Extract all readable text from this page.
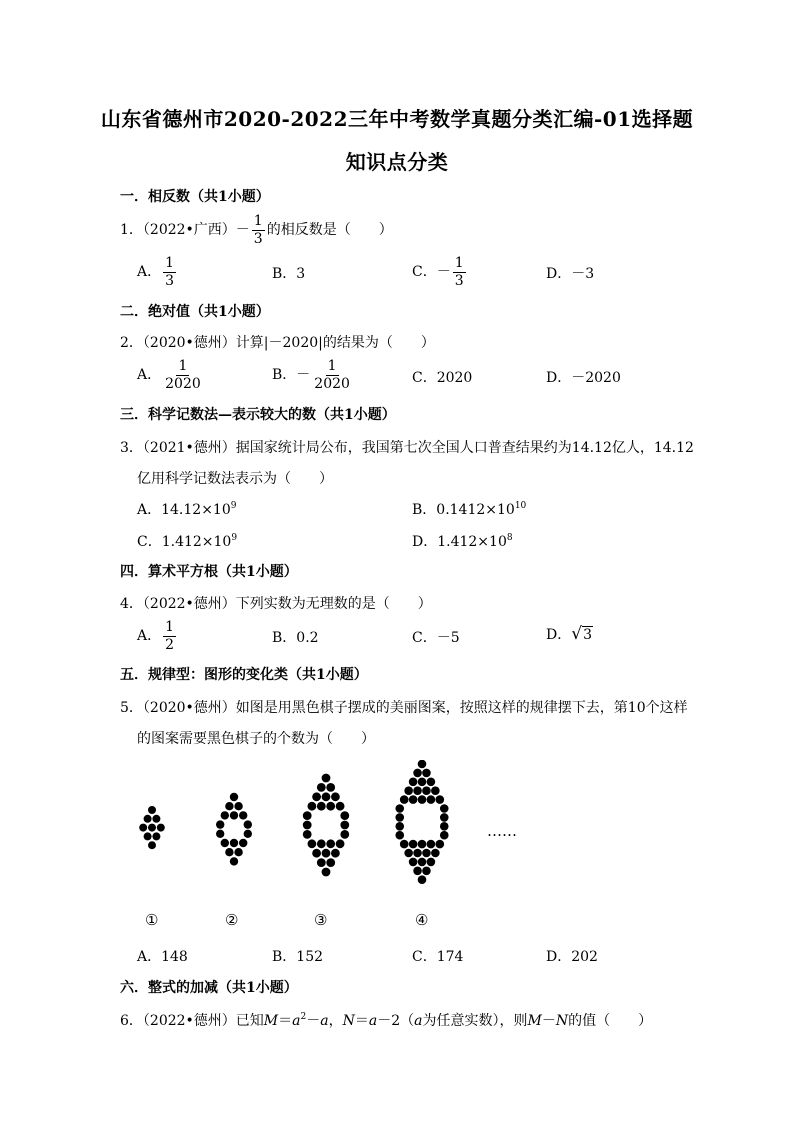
山东省德州市2020-2022三年中考数学真题分类汇编-01选择题
知识点分类
一．相反数（共1小题）
1．（2022•广西）－ $\frac{1}{3}$ 的相反数是（　　）
A． $\frac{1}{3}$	B．3	C．－ $\frac{1}{3}$	D．－3
二．绝对值（共1小题）
2．（2020•德州）计算|－2020|的结果为（　　）
A． $\frac{1}{2020}$	B．－ $\frac{1}{2020}$	C．2020	D．－2020
三．科学记数法—表示较大的数（共1小题）
3．（2021•德州）据国家统计局公布，我国第七次全国人口普查结果约为14.12亿人，14.12
亿用科学记数法表示为（　　）
A．$14.12\times 10^9$	B．$0.1412\times 10^{10}$
C．$1.412\times 10^9$	D．$1.412\times 10^8$
四．算术平方根（共1小题）
4．（2022•德州）下列实数为无理数的是（　　）
A． $\frac{1}{2}$	B．0.2	C．－5	D．√3
五．规律型：图形的变化类（共1小题）
5．（2020•德州）如图是用黑色棋子摆成的美丽图案，按照这样的规律摆下去，第10个这样
的图案需要黑色棋子的个数为（　　）
……
①	②	③	④
A．148	B．152	C．174	D．202
六．整式的加减（共1小题）
6．（2022•德州）已知$M=a^2-a$，N＝a－2（a为任意实数），则M－N的值（　　）
